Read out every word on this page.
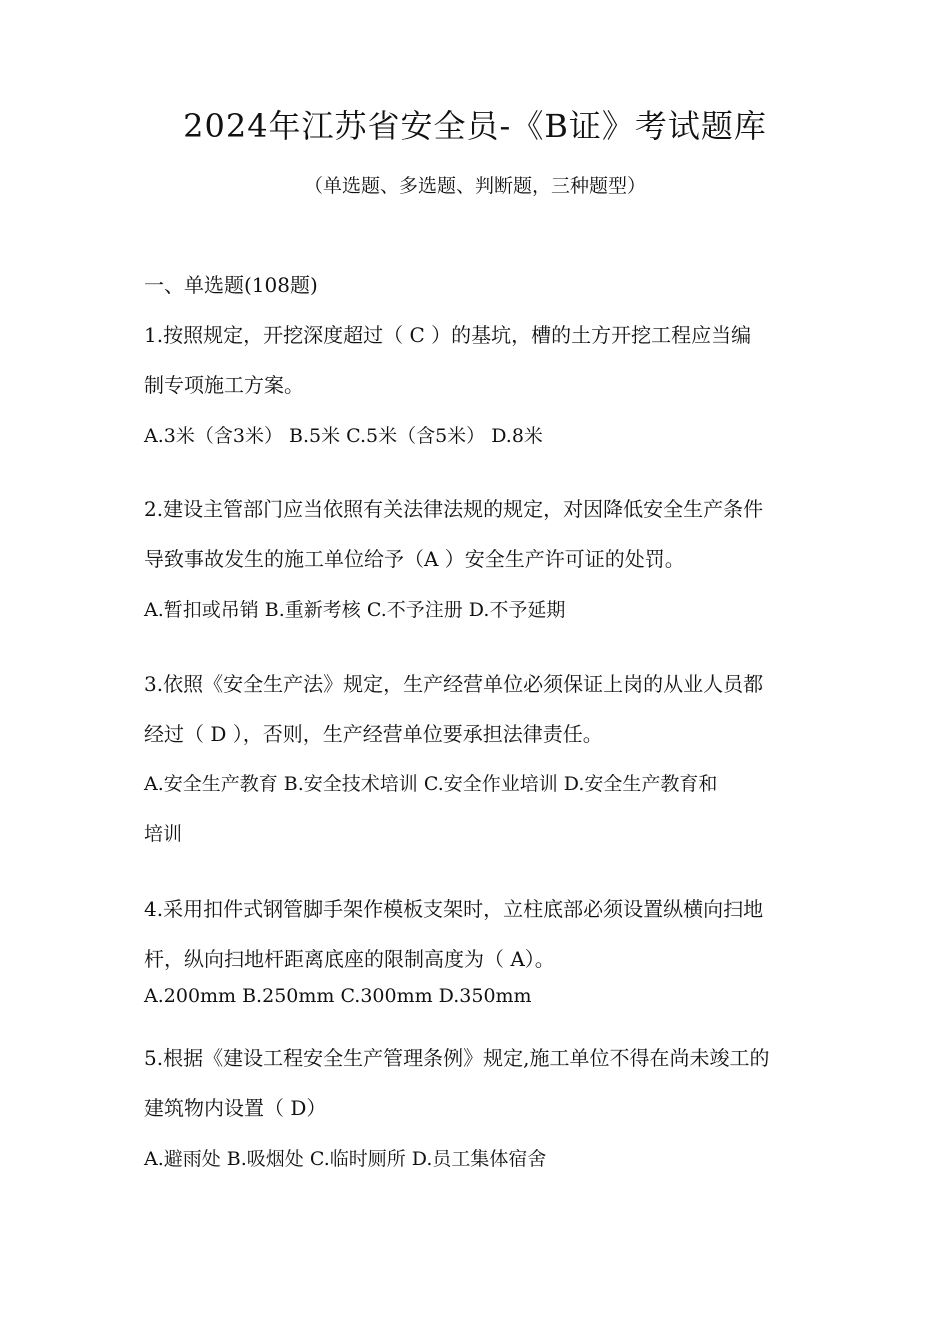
2024年江苏省安全员-《B证》考试题库
（单选题、多选题、判断题，三种题型）
一、单选题(108题)
1.按照规定，开挖深度超过（ C ）的基坑，槽的土方开挖工程应当编
制专项施工方案。
A.3米（含3米） B.5米 C.5米（含5米） D.8米
2.建设主管部门应当依照有关法律法规的规定，对因降低安全生产条件
导致事故发生的施工单位给予（A ）安全生产许可证的处罚。
A.暂扣或吊销 B.重新考核 C.不予注册 D.不予延期
3.依照《安全生产法》规定，生产经营单位必须保证上岗的从业人员都
经过（ D ），否则，生产经营单位要承担法律责任。
A.安全生产教育 B.安全技术培训 C.安全作业培训 D.安全生产教育和
培训
4.采用扣件式钢管脚手架作模板支架时，立柱底部必须设置纵横向扫地
杆，纵向扫地杆距离底座的限制高度为（ A）。
A.200mm B.250mm C.300mm D.350mm
5.根据《建设工程安全生产管理条例》规定,施工单位不得在尚未竣工的
建筑物内设置（ D）
A.避雨处 B.吸烟处 C.临时厕所 D.员工集体宿舍
